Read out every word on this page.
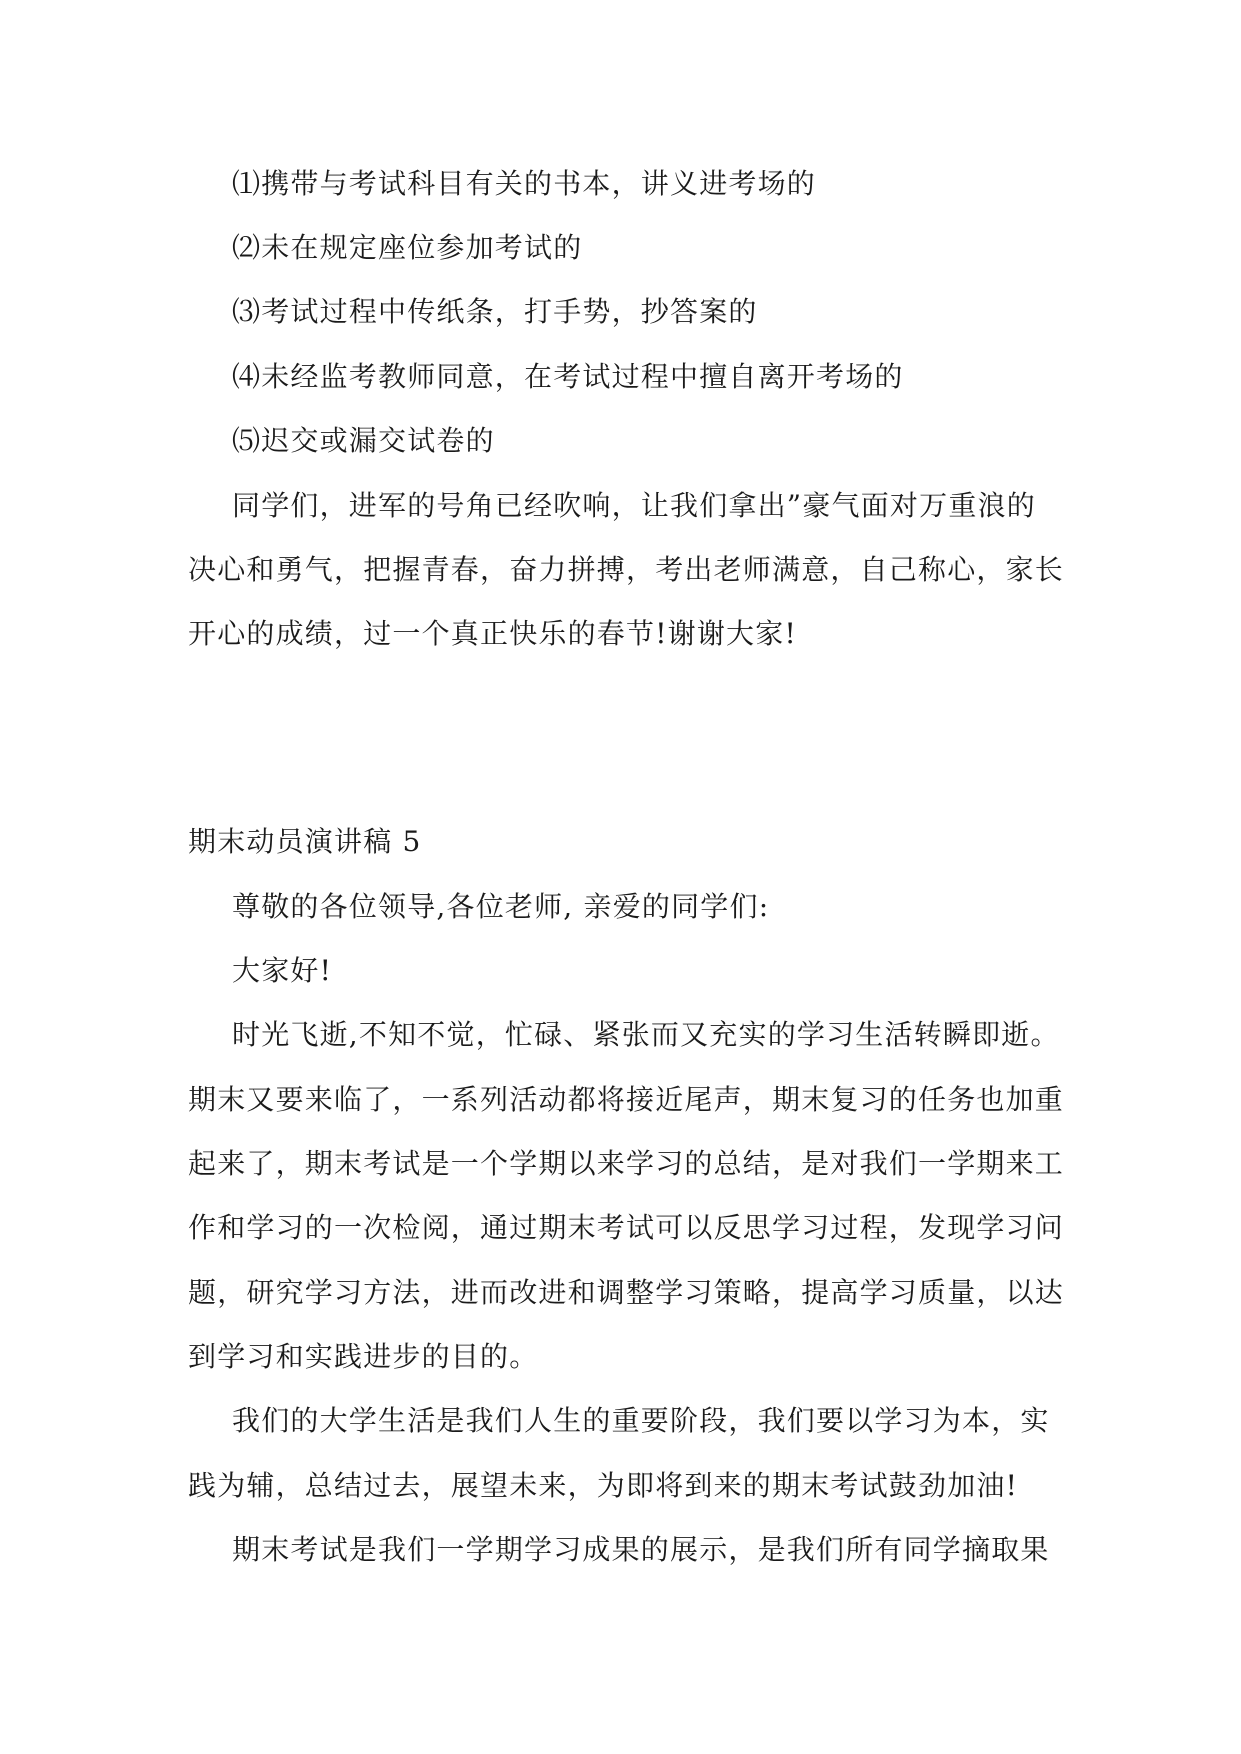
⑴携带与考试科目有关的书本，讲义进考场的
⑵未在规定座位参加考试的
⑶考试过程中传纸条，打手势，抄答案的
⑷未经监考教师同意，在考试过程中擅自离开考场的
⑸迟交或漏交试卷的
同学们，进军的号角已经吹响，让我们拿出”豪气面对万重浪的
决心和勇气，把握青春，奋力拼搏，考出老师满意，自己称心，家长
开心的成绩，过一个真正快乐的春节!谢谢大家!
期末动员演讲稿 5
尊敬的各位领导,各位老师, 亲爱的同学们:
大家好!
时光飞逝,不知不觉，忙碌、紧张而又充实的学习生活转瞬即逝。
期末又要来临了，一系列活动都将接近尾声，期末复习的任务也加重
起来了，期末考试是一个学期以来学习的总结，是对我们一学期来工
作和学习的一次检阅，通过期末考试可以反思学习过程，发现学习问
题，研究学习方法，进而改进和调整学习策略，提高学习质量，以达
到学习和实践进步的目的。
我们的大学生活是我们人生的重要阶段，我们要以学习为本，实
践为辅，总结过去，展望未来，为即将到来的期末考试鼓劲加油!
期末考试是我们一学期学习成果的展示，是我们所有同学摘取果
